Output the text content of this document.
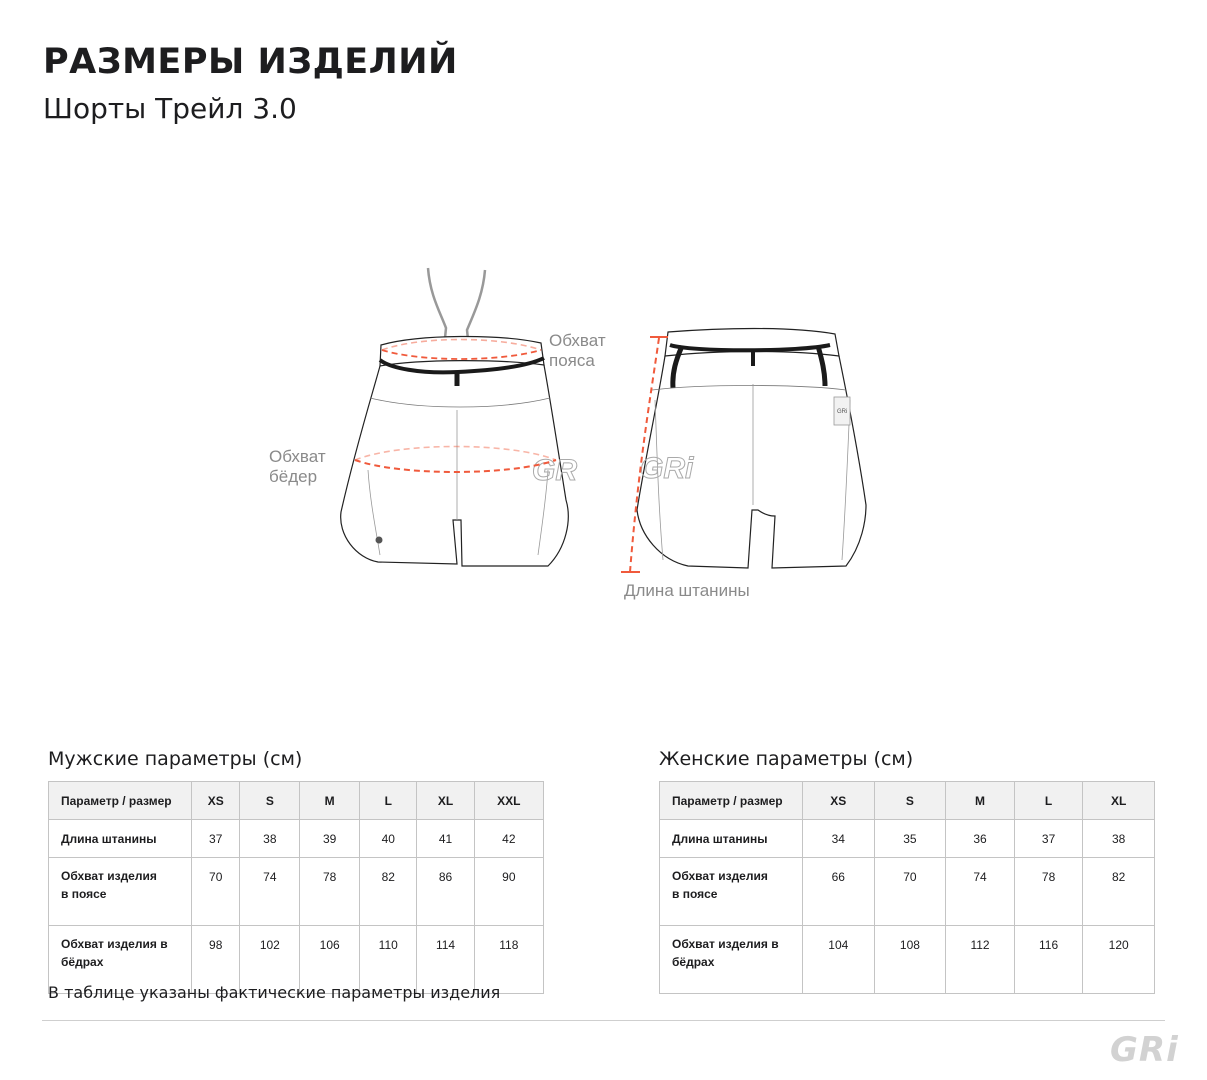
РАЗМЕРЫ ИЗДЕЛИЙ
Шорты Трейл 3.0
GR
Обхват
пояса
Обхват
бёдер
GRi
GRi
Длина штанины
Мужские параметры (см)
Параметр / размер	XS	S	M	L	XL	XXL
Длина штанины	37	38	39	40	41	42
Обхват изделия
в поясе	70	74	78	82	86	90
Обхват изделия в
бёдрах	98	102	106	110	114	118
Женские параметры (см)
Параметр / размер	XS	S	M	L	XL
Длина штанины	34	35	36	37	38
Обхват изделия
в поясе	66	70	74	78	82
Обхват изделия в
бёдрах	104	108	112	116	120
В таблице указаны фактические параметры изделия
GRi
